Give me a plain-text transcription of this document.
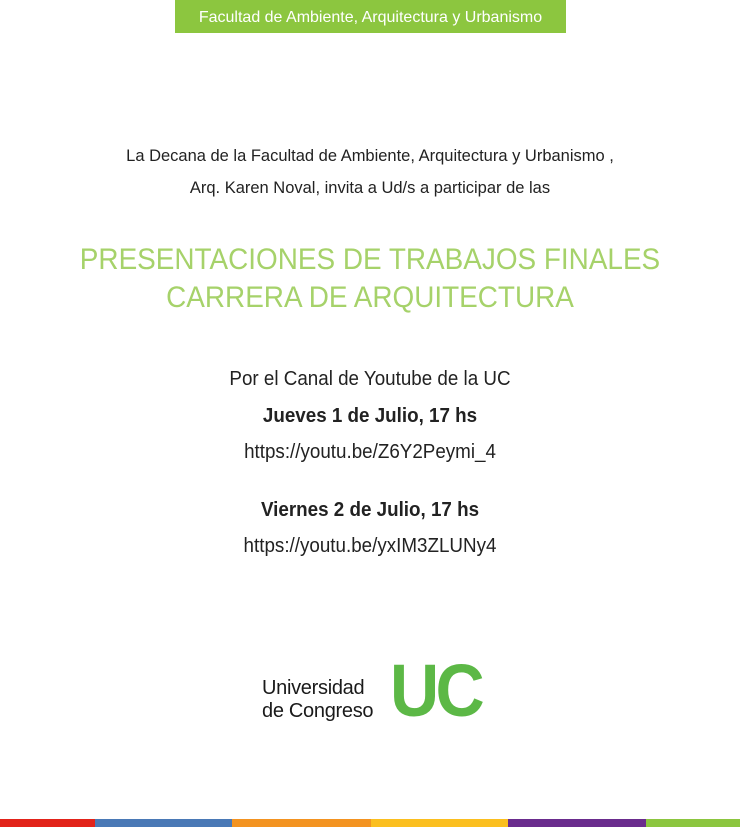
Facultad de Ambiente, Arquitectura y Urbanismo
La Decana de la Facultad de Ambiente, Arquitectura y Urbanismo ,
Arq. Karen Noval, invita a Ud/s a participar de las
PRESENTACIONES DE TRABAJOS FINALES
CARRERA DE ARQUITECTURA
Por el Canal de Youtube de la UC
Jueves 1 de Julio, 17 hs
https://youtu.be/Z6Y2Peymi_4
Viernes 2 de Julio, 17 hs
https://youtu.be/yxIM3ZLUNy4
Universidad
de Congreso UC
